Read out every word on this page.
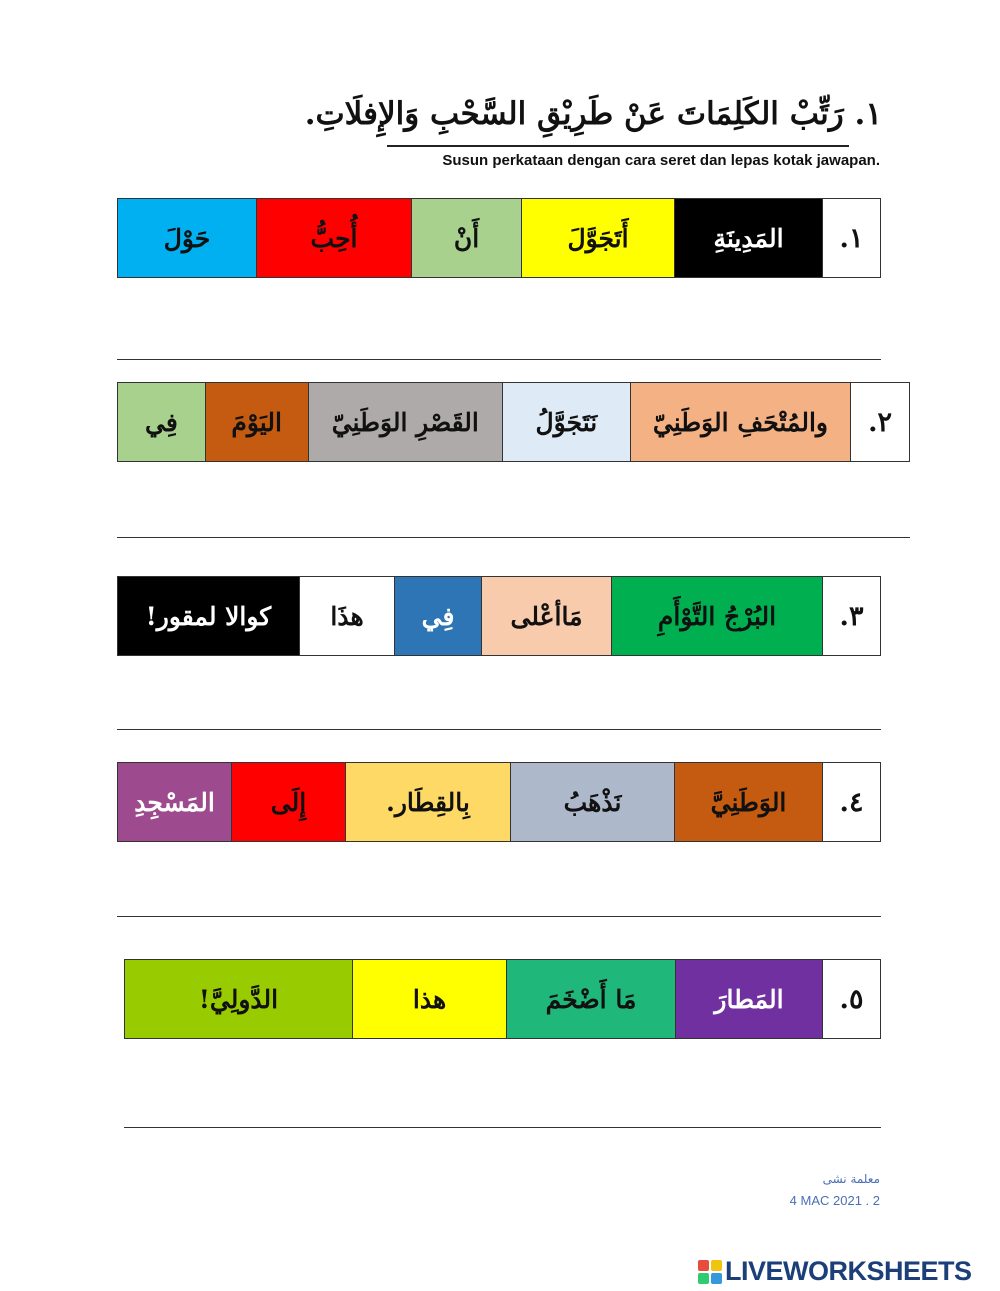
١. رَتِّبْ الكَلِمَاتَ عَنْ طَرِيْقِ السَّحْبِ وَالإِفلَاتِ.
Susun perkataan dengan cara seret dan lepas kotak jawapan.
١.
المَدِينَةِ
أَتَجَوَّلَ
أَنْ
أُحِبُّ
حَوْلَ
٢.
والمُتْحَفِ الوَطَنِيّ
نَتَجَوَّلُ
القَصْرِ الوَطَنِيّ
اليَوْمَ
فِي
٣.
البُرْجُ التَّوْأَمِ
مَاأعْلى
فِي
هذَا
كوالا لمقور!
٤.
الوَطَنِيَّ
نَذْهَبُ
بِالقِطَار.
إِلَى
المَسْجِدِ
٥.
المَطارَ
مَا أَضْخَمَ
هذا
الدَّولِيَّ!
معلمة نشى
4 MAC 2021 . 2
LIVEWORKSHEETS
